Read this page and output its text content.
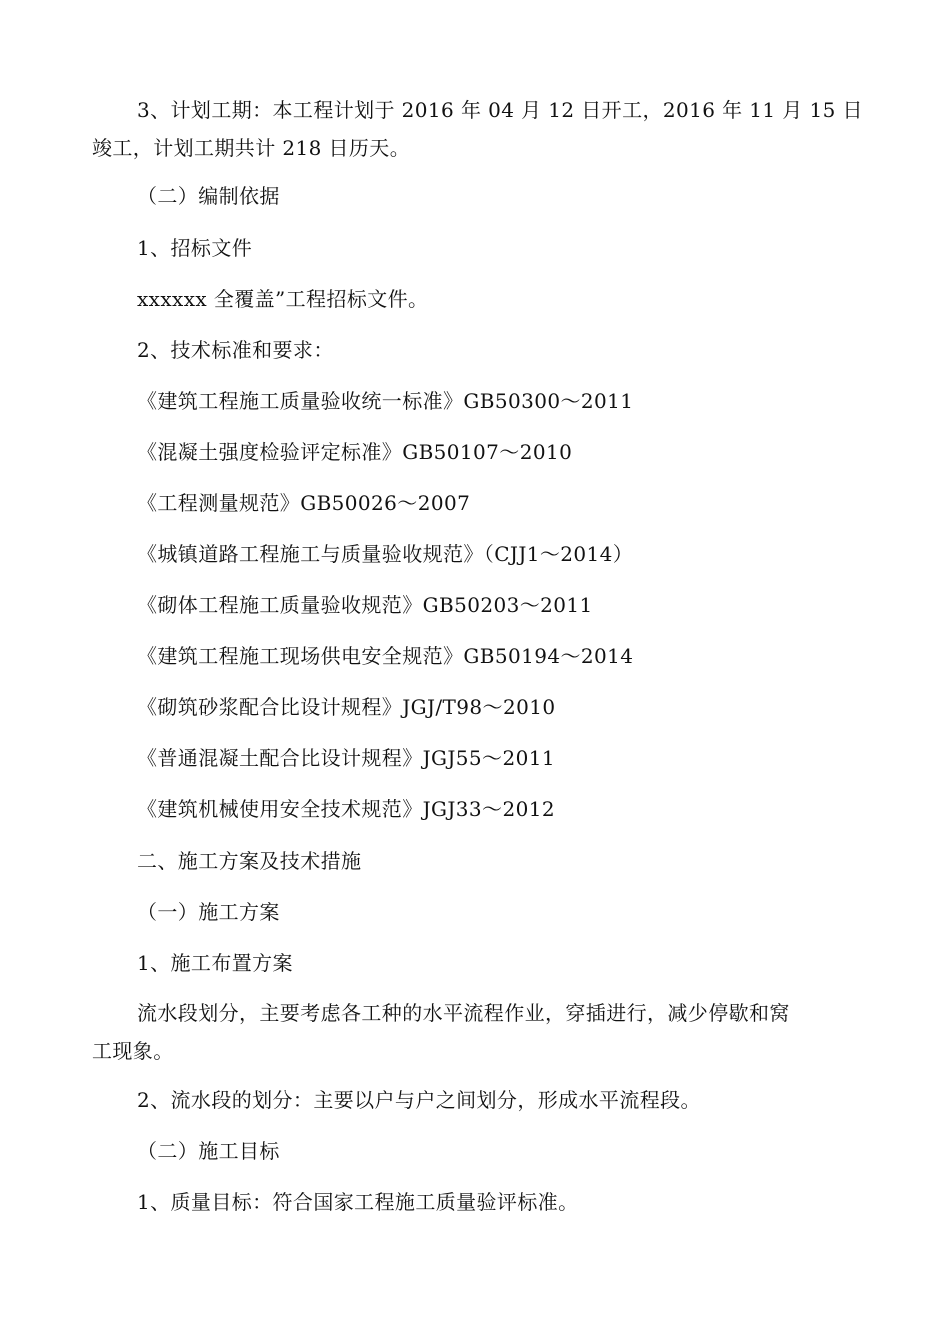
3、计划工期：本工程计划于 2016 年 04 月 12 日开工，2016 年 11 月 15 日
竣工，计划工期共计 218 日历天。
（二）编制依据
1、招标文件
xxxxxx 全覆盖”工程招标文件。
2、技术标准和要求：
《建筑工程施工质量验收统一标准》GB50300～2011
《混凝土强度检验评定标准》GB50107～2010
《工程测量规范》GB50026～2007
《城镇道路工程施工与质量验收规范》（CJJ1～2014）
《砌体工程施工质量验收规范》GB50203～2011
《建筑工程施工现场供电安全规范》GB50194～2014
《砌筑砂浆配合比设计规程》JGJ/T98～2010
《普通混凝土配合比设计规程》JGJ55～2011
《建筑机械使用安全技术规范》JGJ33～2012
二、施工方案及技术措施
（一）施工方案
1、施工布置方案
流水段划分，主要考虑各工种的水平流程作业，穿插进行，减少停歇和窝
工现象。
2、流水段的划分：主要以户与户之间划分，形成水平流程段。
（二）施工目标
1、质量目标：符合国家工程施工质量验评标准。
